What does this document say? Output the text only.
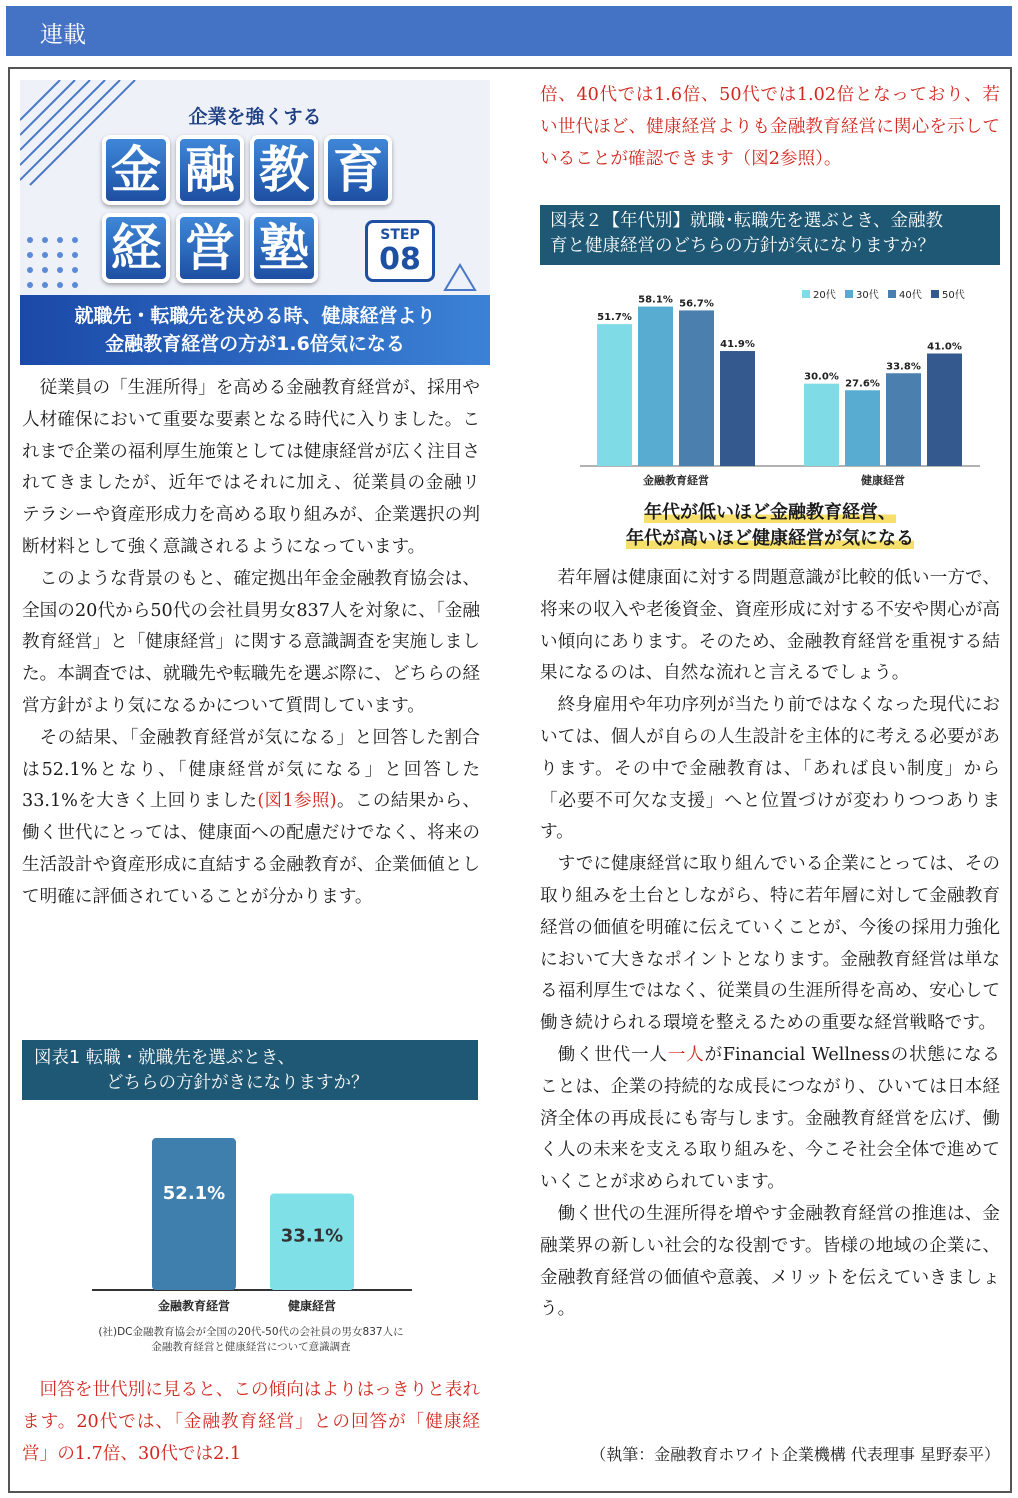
連載
企業を強くする
金 融 教 育
経 営 塾	STEP
08
就職先・転職先を決める時、健康経営より
金融教育経営の方が1.6倍気になる

従業員の「生涯所得」を高める金融教育経営が、採用や人材確保において重要な要素となる時代に入りました。これまで企業の福利厚生施策としては健康経営が広く注目されてきましたが、近年ではそれに加え、従業員の金融リテラシーや資産形成力を高める取り組みが、企業選択の判断材料として強く意識されるようになっています。

このような背景のもと、確定拠出年金金融教育協会は、全国の20代から50代の会社員男女837人を対象に、「金融教育経営」と「健康経営」に関する意識調査を実施しました。本調査では、就職先や転職先を選ぶ際に、どちらの経営方針がより気になるかについて質問しています。

その結果、「金融教育経営が気になる」と回答した割合は52.1%となり、「健康経営が気になる」と回答した33.1%を大きく上回りました(図1参照)。この結果から、働く世代にとっては、健康面への配慮だけでなく、将来の生活設計や資産形成に直結する金融教育が、企業価値として明確に評価されていることが分かります。

図表1 転職・就職先を選ぶとき、
どちらの方針がきになりますか？
52.1%
金融教育経営
33.1%
健康経営
(社)DC金融教育協会が全国の20代-50代の会社員の男女837人に
金融教育経営と健康経営について意識調査

回答を世代別に見ると、この傾向はよりはっきりと表れます。20代では、「金融教育経営」との回答が「健康経営」の1.7倍、30代では2.1

倍、40代では1.6倍、50代では1.02倍となっており、若い世代ほど、健康経営よりも金融教育経営に関心を示していることが確認できます（図2参照）。
図表２【年代別】就職･転職先を選ぶとき、金融教
育と健康経営のどちらの方針が気になりますか？
51.7%
30.0%
58.1%
27.6%
56.7%
33.8%
41.9%	41.0%
金融教育経営	健康経営
20代 30代 40代 50代
年代が低いほど金融教育経営、
年代が高いほど健康経営が気になる

若年層は健康面に対する問題意識が比較的低い一方で、将来の収入や老後資金、資産形成に対する不安や関心が高い傾向にあります。そのため、金融教育経営を重視する結果になるのは、自然な流れと言えるでしょう。

終身雇用や年功序列が当たり前ではなくなった現代においては、個人が自らの人生設計を主体的に考える必要があります。その中で金融教育は、「あれば良い制度」から「必要不可欠な支援」へと位置づけが変わりつつあります。

すでに健康経営に取り組んでいる企業にとっては、その取り組みを土台としながら、特に若年層に対して金融教育経営の価値を明確に伝えていくことが、今後の採用力強化において大きなポイントとなります。金融教育経営は単なる福利厚生ではなく、従業員の生涯所得を高め、安心して働き続けられる環境を整えるための重要な経営戦略です。

働く世代一人一人がFinancial Wellnessの状態になることは、企業の持続的な成長につながり、ひいては日本経済全体の再成長にも寄与します。金融教育経営を広げ、働く人の未来を支える取り組みを、今こそ社会全体で進めていくことが求められています。

働く世代の生涯所得を増やす金融教育経営の推進は、金融業界の新しい社会的な役割です。皆様の地域の企業に、金融教育経営の価値や意義、メリットを伝えていきましょう。

（執筆：金融教育ホワイト企業機構 代表理事 星野泰平）
